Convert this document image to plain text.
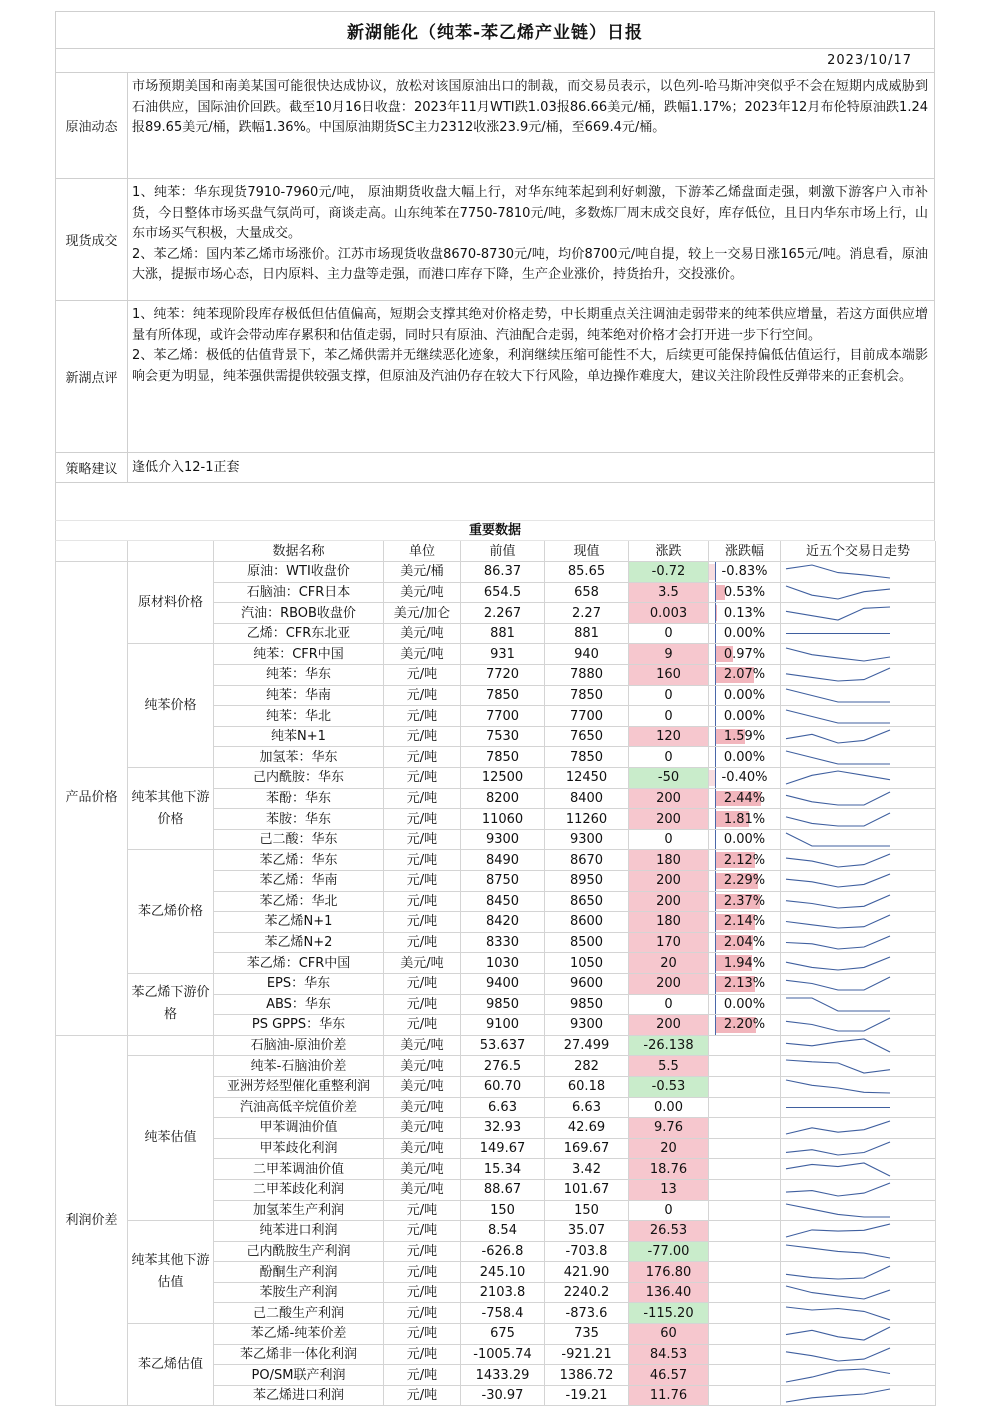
新湖能化（纯苯-苯乙烯产业链）日报
2023/10/17
原油动态

市场预期美国和南美某国可能很快达成协议，放松对该国原油出口的制裁，而交易员表示，以色列-哈马斯冲突似乎不会在短期内成威胁到石油供应，国际油价回跌。截至10月16日收盘：2023年11月WTI跌1.03报86.66美元/桶，跌幅1.17%；2023年12月布伦特原油跌1.24报89.65美元/桶，跌幅1.36%。中国原油期货SC主力2312收涨23.9元/桶，至669.4元/桶。

现货成交

1、纯苯：华东现货7910-7960元/吨， 原油期货收盘大幅上行，对华东纯苯起到利好刺激，下游苯乙烯盘面走强，刺激下游客户入市补货，今日整体市场买盘气氛尚可，商谈走高。山东纯苯在7750-7810元/吨，多数炼厂周末成交良好，库存低位，且日内华东市场上行，山东市场买气积极，大量成交。

2、苯乙烯：国内苯乙烯市场涨价。江苏市场现货收盘8670-8730元/吨，均价8700元/吨自提，较上一交易日涨165元/吨。消息看，原油大涨，提振市场心态，日内原料、主力盘等走强，而港口库存下降，生产企业涨价，持货抬升，交投涨价。

新湖点评

1、纯苯：纯苯现阶段库存极低但估值偏高，短期会支撑其绝对价格走势，中长期重点关注调油走弱带来的纯苯供应增量，若这方面供应增量有所体现，或许会带动库存累积和估值走弱，同时只有原油、汽油配合走弱，纯苯绝对价格才会打开进一步下行空间。

2、苯乙烯：极低的估值背景下，苯乙烯供需并无继续恶化迹象，利润继续压缩可能性不大，后续更可能保持偏低估值运行，目前成本端影响会更为明显，纯苯强供需提供较强支撑，但原油及汽油仍存在较大下行风险，单边操作难度大，建议关注阶段性反弹带来的正套机会。

策略建议	逢低介入12-1正套

重要数据
		数据名称	单位	前值	现值	涨跌	涨跌幅	近五个交易日走势
产品价格	原材料价格	原油：WTI收盘价	美元/桶	86.37	85.65	-0.72	-0.83%	

		石脑油：CFR日本	美元/吨	654.5	658	3.5	0.53%	

		汽油：RBOB收盘价	美元/加仑	2.267	2.27	0.003	0.13%	

		乙烯：CFR东北亚	美元/吨	881	881	0	0.00%	

	纯苯价格	纯苯：CFR中国	美元/吨	931	940	9	0.97%	

		纯苯：华东	元/吨	7720	7880	160	2.07%	

		纯苯：华南	元/吨	7850	7850	0	0.00%	

		纯苯：华北	元/吨	7700	7700	0	0.00%	

		纯苯N+1	元/吨	7530	7650	120	1.59%	

		加氢苯：华东	元/吨	7850	7850	0	0.00%	

	纯苯其他下游价格	己内酰胺：华东	元/吨	12500	12450	-50	-0.40%	

		苯酚：华东	元/吨	8200	8400	200	2.44%	

		苯胺：华东	元/吨	11060	11260	200	1.81%	

		己二酸：华东	元/吨	9300	9300	0	0.00%	

	苯乙烯价格	苯乙烯：华东	元/吨	8490	8670	180	2.12%	

		苯乙烯：华南	元/吨	8750	8950	200	2.29%	

		苯乙烯：华北	元/吨	8450	8650	200	2.37%	

		苯乙烯N+1	元/吨	8420	8600	180	2.14%	

		苯乙烯N+2	元/吨	8330	8500	170	2.04%	

		苯乙烯：CFR中国	美元/吨	1030	1050	20	1.94%	

	苯乙烯下游价格	EPS：华东	元/吨	9400	9600	200	2.13%	

		ABS：华东	元/吨	9850	9850	0	0.00%	

		PS GPPS：华东	元/吨	9100	9300	200	2.20%	

利润价差		石脑油-原油价差	美元/吨	53.637	27.499	-26.138		

	纯苯估值	纯苯-石脑油价差	美元/吨	276.5	282	5.5		

		亚洲芳烃型催化重整利润	美元/吨	60.70	60.18	-0.53		

		汽油高低辛烷值价差	美元/吨	6.63	6.63	0.00		

		甲苯调油价值	美元/吨	32.93	42.69	9.76		

		甲苯歧化利润	美元/吨	149.67	169.67	20		

		二甲苯调油价值	美元/吨	15.34	3.42	18.76		

		二甲苯歧化利润	美元/吨	88.67	101.67	13		

		加氢苯生产利润	元/吨	150	150	0		

	纯苯其他下游估值	纯苯进口利润	元/吨	8.54	35.07	26.53		

		己内酰胺生产利润	元/吨	-626.8	-703.8	-77.00		

		酚酮生产利润	元/吨	245.10	421.90	176.80		

		苯胺生产利润	元/吨	2103.8	2240.2	136.40		

		己二酸生产利润	元/吨	-758.4	-873.6	-115.20		

	苯乙烯估值	苯乙烯-纯苯价差	元/吨	675	735	60		

		苯乙烯非一体化利润	元/吨	-1005.74	-921.21	84.53		

		PO/SM联产利润	元/吨	1433.29	1386.72	46.57		

		苯乙烯进口利润	元/吨	-30.97	-19.21	11.76		
